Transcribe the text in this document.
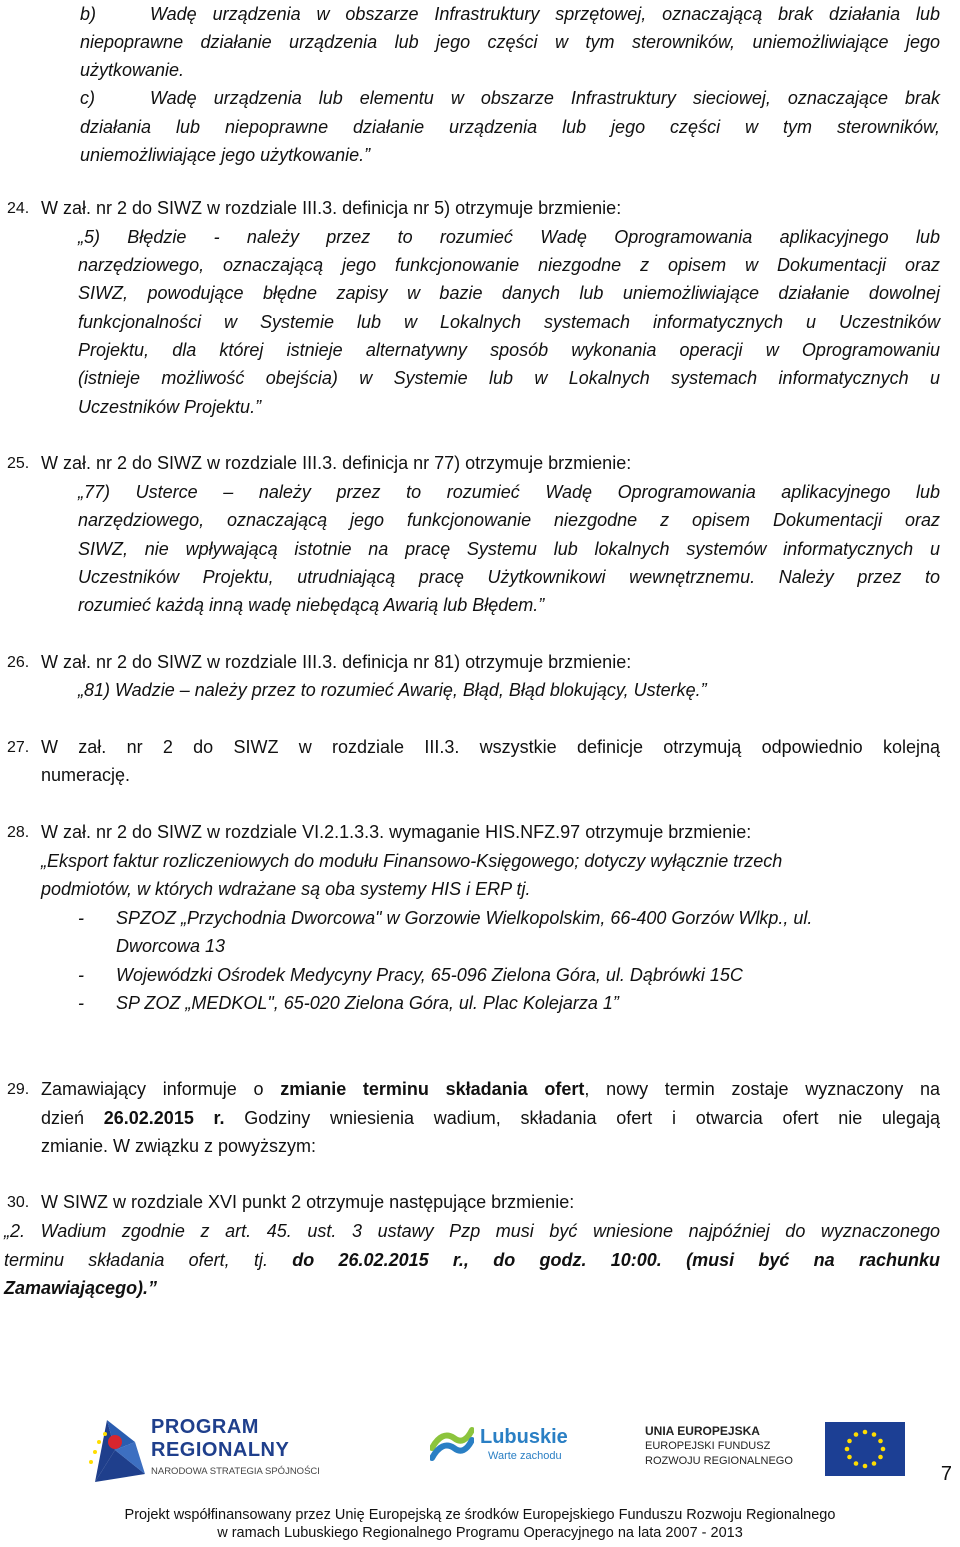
b)	Wadę urządzenia w obszarze Infrastruktury sprzętowej, oznaczającą brak działania lub
niepoprawne działanie urządzenia lub jego części w tym sterowników, uniemożliwiające jego
użytkowanie.
c)	Wadę urządzenia lub elementu w obszarze Infrastruktury sieciowej, oznaczające brak
działania lub niepoprawne działanie urządzenia lub jego części w tym sterowników,
uniemożliwiające jego użytkowanie.”
24. W zał. nr 2 do SIWZ w rozdziale III.3. definicja nr 5) otrzymuje brzmienie:
„5) Błędzie - należy przez to rozumieć Wadę Oprogramowania aplikacyjnego lub
narzędziowego, oznaczającą jego funkcjonowanie niezgodne z opisem w Dokumentacji oraz
SIWZ, powodujące błędne zapisy w bazie danych lub uniemożliwiające działanie dowolnej
funkcjonalności w Systemie lub w Lokalnych systemach informatycznych u Uczestników
Projektu, dla której istnieje alternatywny sposób wykonania operacji w Oprogramowaniu
(istnieje możliwość obejścia) w Systemie lub w Lokalnych systemach informatycznych u
Uczestników Projektu.”
25. W zał. nr 2 do SIWZ w rozdziale III.3. definicja nr 77) otrzymuje brzmienie:
„77) Usterce – należy przez to rozumieć Wadę Oprogramowania aplikacyjnego lub
narzędziowego, oznaczającą jego funkcjonowanie niezgodne z opisem Dokumentacji oraz
SIWZ, nie wpływającą istotnie na pracę Systemu lub lokalnych systemów informatycznych u
Uczestników Projektu, utrudniającą pracę Użytkownikowi wewnętrznemu. Należy przez to
rozumieć każdą inną wadę niebędącą Awarią lub Błędem.”
26. W zał. nr 2 do SIWZ w rozdziale III.3. definicja nr 81) otrzymuje brzmienie:
„81) Wadzie – należy przez to rozumieć Awarię, Błąd, Błąd blokujący, Usterkę.”
27. W zał. nr 2 do SIWZ w rozdziale III.3. wszystkie definicje otrzymują odpowiednio kolejną
numerację.
28. W zał. nr 2 do SIWZ w rozdziale VI.2.1.3.3. wymaganie HIS.NFZ.97 otrzymuje brzmienie:
„Eksport faktur rozliczeniowych do modułu Finansowo-Księgowego; dotyczy wyłącznie trzech
podmiotów, w których wdrażane są oba systemy HIS i ERP tj.
- SPZOZ „Przychodnia Dworcowa" w Gorzowie Wielkopolskim, 66-400 Gorzów Wlkp., ul.
Dworcowa 13
- Wojewódzki Ośrodek Medycyny Pracy, 65-096 Zielona Góra, ul. Dąbrówki 15C
- SP ZOZ „MEDKOL", 65-020 Zielona Góra, ul. Plac Kolejarza 1”
29. Zamawiający informuje o zmianie terminu składania ofert, nowy termin zostaje wyznaczony na
dzień 26.02.2015 r. Godziny wniesienia wadium, składania ofert i otwarcia ofert nie ulegają
zmianie. W związku z powyższym:
30. W SIWZ w rozdziale XVI punkt 2 otrzymuje następujące brzmienie:
„2. Wadium zgodnie z art. 45. ust. 3 ustawy Pzp musi być wniesione najpóźniej do wyznaczonego
terminu składania ofert, tj. do 26.02.2015 r., do godz. 10:00. (musi być na rachunku
Zamawiającego).”
PROGRAM
REGIONALNY
NARODOWA STRATEGIA SPÓJNOŚCI
Lubuskie
Warte zachodu
UNIA EUROPEJSKA
EUROPEJSKI FUNDUSZ
ROZWOJU REGIONALNEGO
7
Projekt współfinansowany przez Unię Europejską ze środków Europejskiego Funduszu Rozwoju Regionalnego
w ramach Lubuskiego Regionalnego Programu Operacyjnego na lata 2007 - 2013
